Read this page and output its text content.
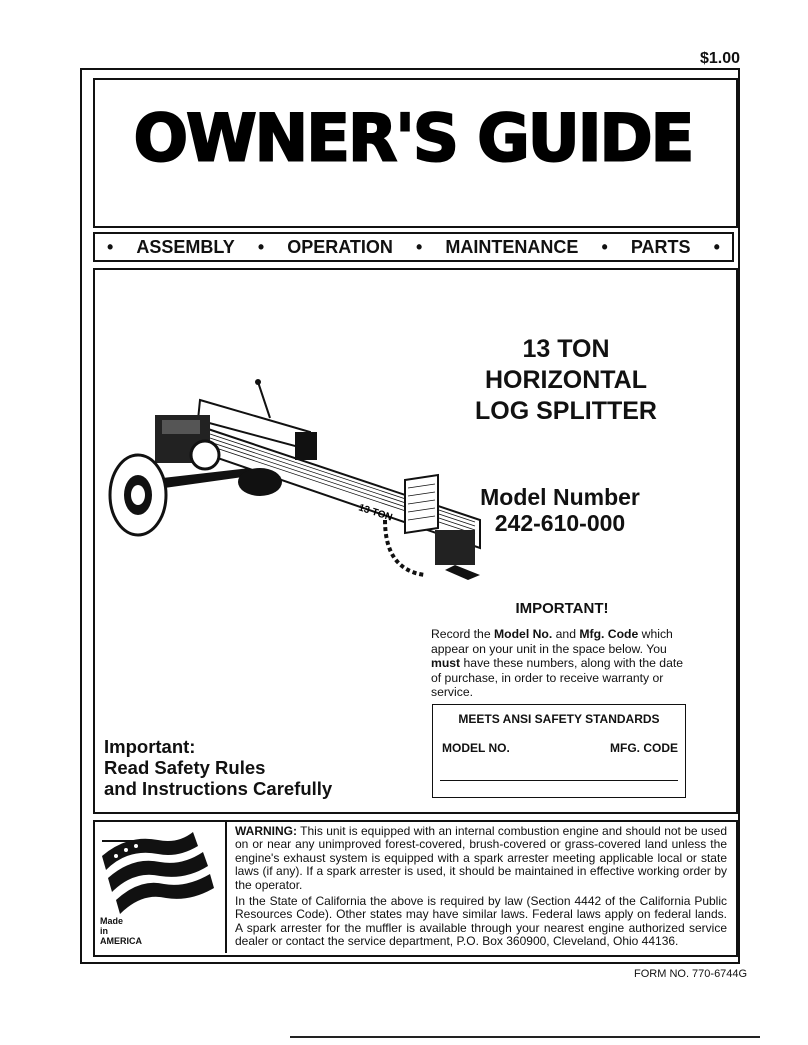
$1.00
OWNER'S GUIDE
• ASSEMBLY • OPERATION • MAINTENANCE • PARTS •
13 TON
13 TON
HORIZONTAL
LOG SPLITTER
Model Number
242-610-000
IMPORTANT!
Record the Model No. and Mfg. Code which appear on your unit in the space below. You must have these numbers, along with the date of purchase, in order to receive warranty or service.
MEETS ANSI SAFETY STANDARDS
MODEL NO.	MFG. CODE
Important:
Read Safety Rules
and Instructions Carefully
Made
in
AMERICA
WARNING: This unit is equipped with an internal combustion engine and should not be used on or near any unimproved forest-covered, brush-covered or grass-covered land unless the engine's exhaust system is equipped with a spark arrester meeting applicable local or state laws (if any). If a spark arrester is used, it should be maintained in effective working order by the operator.
In the State of California the above is required by law (Section 4442 of the California Public Resources Code). Other states may have similar laws. Federal laws apply on federal lands. A spark arrester for the muffler is available through your nearest engine authorized service dealer or contact the service department, P.O. Box 360900, Cleveland, Ohio 44136.
FORM NO. 770-6744G
